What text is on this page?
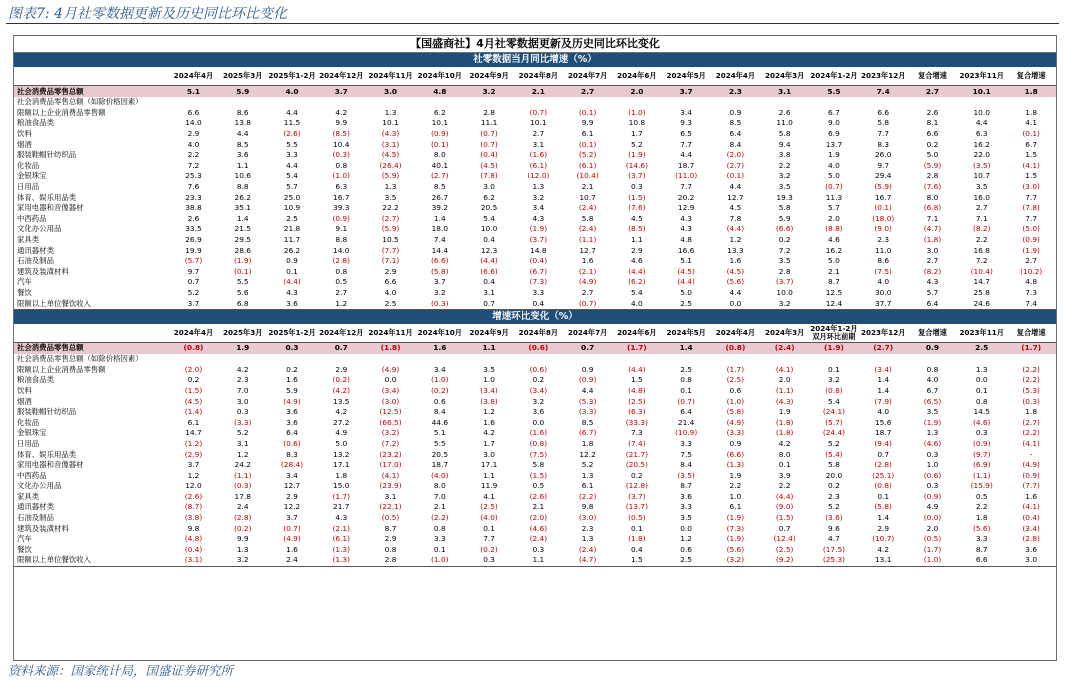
图表7: 4月社零数据更新及历史同比环比变化
【国盛商社】4月社零数据更新及历史同比环比变化																		
社零数据当月同比增速（%）																		

	2024年4月	2025年3月	2025年1-2月	2024年12月	2024年11月	2024年10月	2024年9月	2024年8月	2024年7月	2024年6月	2024年5月	2024年4月	2024年3月	2024年1-2月	2023年12月	复合增速	2023年11月	复合增速

社会消费品零售总额	5.1	5.9	4.0	3.7	3.0	4.8	3.2	2.1	2.7	2.0	3.7	2.3	3.1	5.5	7.4	2.7	10.1	1.8
社会消费品零售总额（如除价格因素）																		
限额以上企业消费品零售额	6.6	8.6	4.4	4.2	1.3	6.2	2.8	(0.7)	(0.1)	(1.0)	3.4	0.9	2.6	6.7	6.6	2.6	10.0	1.8
粮油食品类	14.0	13.8	11.5	9.9	10.1	10.1	11.1	10.1	9.9	10.8	9.3	8.5	11.0	9.0	5.8	8.1	4.4	4.1
饮料	2.9	4.4	(2.6)	(8.5)	(4.3)	(0.9)	(0.7)	2.7	6.1	1.7	6.5	6.4	5.8	6.9	7.7	6.6	6.3	(0.1)
烟酒	4.0	8.5	5.5	10.4	(3.1)	(0.1)	(0.7)	3.1	(0.1)	5.2	7.7	8.4	9.4	13.7	8.3	0.2	16.2	6.7
服装鞋帽针纺织品	2.2	3.6	3.3	(0.3)	(4.5)	8.0	(0.4)	(1.6)	(5.2)	(1.9)	4.4	(2.0)	3.8	1.9	26.0	5.0	22.0	1.5
化妆品	7.2	1.1	4.4	0.8	(26.4)	40.1	(4.5)	(6.1)	(6.1)	(14.6)	18.7	(2.7)	2.2	4.0	9.7	(5.9)	(3.5)	(4.1)
金银珠宝	25.3	10.6	5.4	(1.0)	(5.9)	(2.7)	(7.8)	(12.0)	(10.4)	(3.7)	(11.0)	(0.1)	3.2	5.0	29.4	2.8	10.7	1.5
日用品	7.6	8.8	5.7	6.3	1.3	8.5	3.0	1.3	2.1	0.3	7.7	4.4	3.5	(0.7)	(5.9)	(7.6)	3.5	(3.0)
体育、娱乐用品类	23.3	26.2	25.0	16.7	3.5	26.7	6.2	3.2	10.7	(1.5)	20.2	12.7	19.3	11.3	16.7	8.0	16.0	7.7
家用电器和音像器材	38.8	35.1	10.9	39.3	22.2	39.2	20.5	3.4	(2.4)	(7.6)	12.9	4.5	5.8	5.7	(0.1)	(6.8)	2.7	(7.8)
中西药品	2.6	1.4	2.5	(0.9)	(2.7)	1.4	5.4	4.3	5.8	4.5	4.3	7.8	5.9	2.0	(18.0)	7.1	7.1	7.7
文化办公用品	33.5	21.5	21.8	9.1	(5.9)	18.0	10.0	(1.9)	(2.4)	(8.5)	4.3	(4.4)	(6.6)	(8.8)	(9.0)	(4.7)	(8.2)	(5.0)
家具类	26.9	29.5	11.7	8.8	10.5	7.4	0.4	(3.7)	(1.1)	1.1	4.8	1.2	0.2	4.6	2.3	(1.8)	2.2	(0.9)
通讯器材类	19.9	28.6	26.2	14.0	(7.7)	14.4	12.3	14.8	12.7	2.9	16.6	13.3	7.2	16.2	11.0	3.0	16.8	(1.9)
石油及制品	(5.7)	(1.9)	0.9	(2.8)	(7.1)	(6.6)	(4.4)	(0.4)	1.6	4.6	5.1	1.6	3.5	5.0	8.6	2.7	7.2	2.7
建筑及装潢材料	9.7	(0.1)	0.1	0.8	2.9	(5.8)	(6.6)	(6.7)	(2.1)	(4.4)	(4.5)	(4.5)	2.8	2.1	(7.5)	(8.2)	(10.4)	(10.2)
汽车	0.7	5.5	(4.4)	0.5	6.6	3.7	0.4	(7.3)	(4.9)	(6.2)	(4.4)	(5.6)	(3.7)	8.7	4.0	4.3	14.7	4.8
餐饮	5.2	5.6	4.3	2.7	4.0	3.2	3.1	3.3	2.7	5.4	5.0	4.4	10.0	12.5	30.0	5.7	25.8	7.3
限额以上单位餐饮收入	3.7	6.8	3.6	1.2	2.5	(0.3)	0.7	0.4	(0.7)	4.0	2.5	0.0	3.2	12.4	37.7	6.4	24.6	7.4
增速环比变化（%）																		

	2024年4月	2025年3月	2025年1-2月	2024年12月	2024年11月	2024年10月	2024年9月	2024年8月	2024年7月	2024年6月	2024年5月	2024年4月	2024年3月	2024年1-2月双月环比前期	2023年12月	复合增速	2023年11月	复合增速

社会消费品零售总额	(0.8)	1.9	0.3	0.7	(1.8)	1.6	1.1	(0.6)	0.7	(1.7)	1.4	(0.8)	(2.4)	(1.9)	(2.7)	0.9	2.5	(1.7)
社会消费品零售总额（如除价格因素）																		
限额以上企业消费品零售额	(2.0)	4.2	0.2	2.9	(4.9)	3.4	3.5	(0.6)	0.9	(4.4)	2.5	(1.7)	(4.1)	0.1	(3.4)	0.8	1.3	(2.2)
粮油食品类	0.2	2.3	1.6	(0.2)	0.0	(1.0)	1.0	0.2	(0.9)	1.5	0.8	(2.5)	2.0	3.2	1.4	4.0	0.0	(2.2)
饮料	(1.5)	7.0	5.9	(4.2)	(3.4)	(0.2)	(3.4)	(3.4)	4.4	(4.8)	0.1	0.6	(1.1)	(0.8)	1.4	6.7	0.1	(5.3)
烟酒	(4.5)	3.0	(4.9)	13.5	(3.0)	0.6	(3.8)	3.2	(5.3)	(2.5)	(0.7)	(1.0)	(4.3)	5.4	(7.9)	(6.5)	0.8	(0.3)
服装鞋帽针纺织品	(1.4)	0.3	3.6	4.2	(12.5)	8.4	1.2	3.6	(3.3)	(6.3)	6.4	(5.8)	1.9	(24.1)	4.0	3.5	14.5	1.8
化妆品	6.1	(3.3)	3.6	27.2	(66.5)	44.6	1.6	0.0	8.5	(33.3)	21.4	(4.9)	(1.8)	(5.7)	15.6	(1.9)	(4.6)	(2.7)
金银珠宝	14.7	5.2	6.4	4.9	(3.2)	5.1	4.2	(1.6)	(6.7)	7.3	(10.9)	(3.3)	(1.8)	(24.4)	18.7	1.3	0.3	(2.2)
日用品	(1.2)	3.1	(0.6)	5.0	(7.2)	5.5	1.7	(0.8)	1.8	(7.4)	3.3	0.9	4.2	5.2	(9.4)	(4.6)	(0.9)	(4.1)
体育、娱乐用品类	(2.9)	1.2	8.3	13.2	(23.2)	20.5	3.0	(7.5)	12.2	(21.7)	7.5	(6.6)	8.0	(5.4)	0.7	0.3	(9.7)	-
家用电器和音像器材	3.7	24.2	(28.4)	17.1	(17.0)	18.7	17.1	5.8	5.2	(20.5)	8.4	(1.3)	0.1	5.8	(2.8)	1.0	(6.9)	(4.9)
中西药品	1.2	(1.1)	3.4	1.8	(4.1)	(4.0)	1.1	(1.5)	1.3	0.2	(3.5)	1.9	3.9	20.0	(25.1)	(0.6)	(1.1)	(0.9)
文化办公用品	12.0	(0.3)	12.7	15.0	(23.9)	8.0	11.9	0.5	6.1	(12.8)	8.7	2.2	2.2	0.2	(0.8)	0.3	(15.9)	(7.7)
家具类	(2.6)	17.8	2.9	(1.7)	3.1	7.0	4.1	(2.6)	(2.2)	(3.7)	3.6	1.0	(4.4)	2.3	0.1	(0.9)	0.5	1.6
通讯器材类	(8.7)	2.4	12.2	21.7	(22.1)	2.1	(2.5)	2.1	9.8	(13.7)	3.3	6.1	(9.0)	5.2	(5.8)	4.9	2.2	(4.1)
石油及制品	(3.8)	(2.8)	3.7	4.3	(0.5)	(2.2)	(4.0)	(2.0)	(3.0)	(0.5)	3.5	(1.9)	(1.5)	(3.6)	1.4	(0.0)	1.8	(0.4)
建筑及装潢材料	9.8	(0.2)	(0.7)	(2.1)	8.7	0.8	0.1	(4.6)	2.3	0.1	0.0	(7.3)	0.7	9.6	2.9	2.0	(5.6)	(3.4)
汽车	(4.8)	9.9	(4.9)	(6.1)	2.9	3.3	7.7	(2.4)	1.3	(1.8)	1.2	(1.9)	(12.4)	4.7	(10.7)	(0.5)	3.3	(2.8)
餐饮	(0.4)	1.3	1.6	(1.3)	0.8	0.1	(0.2)	0.3	(2.4)	0.4	0.6	(5.6)	(2.5)	(17.5)	4.2	(1.7)	8.7	3.6
限额以上单位餐饮收入	(3.1)	3.2	2.4	(1.3)	2.8	(1.0)	0.3	1.1	(4.7)	1.5	2.5	(3.2)	(9.2)	(25.3)	13.1	(1.0)	6.6	3.0
资料来源：国家统计局，国盛证券研究所
